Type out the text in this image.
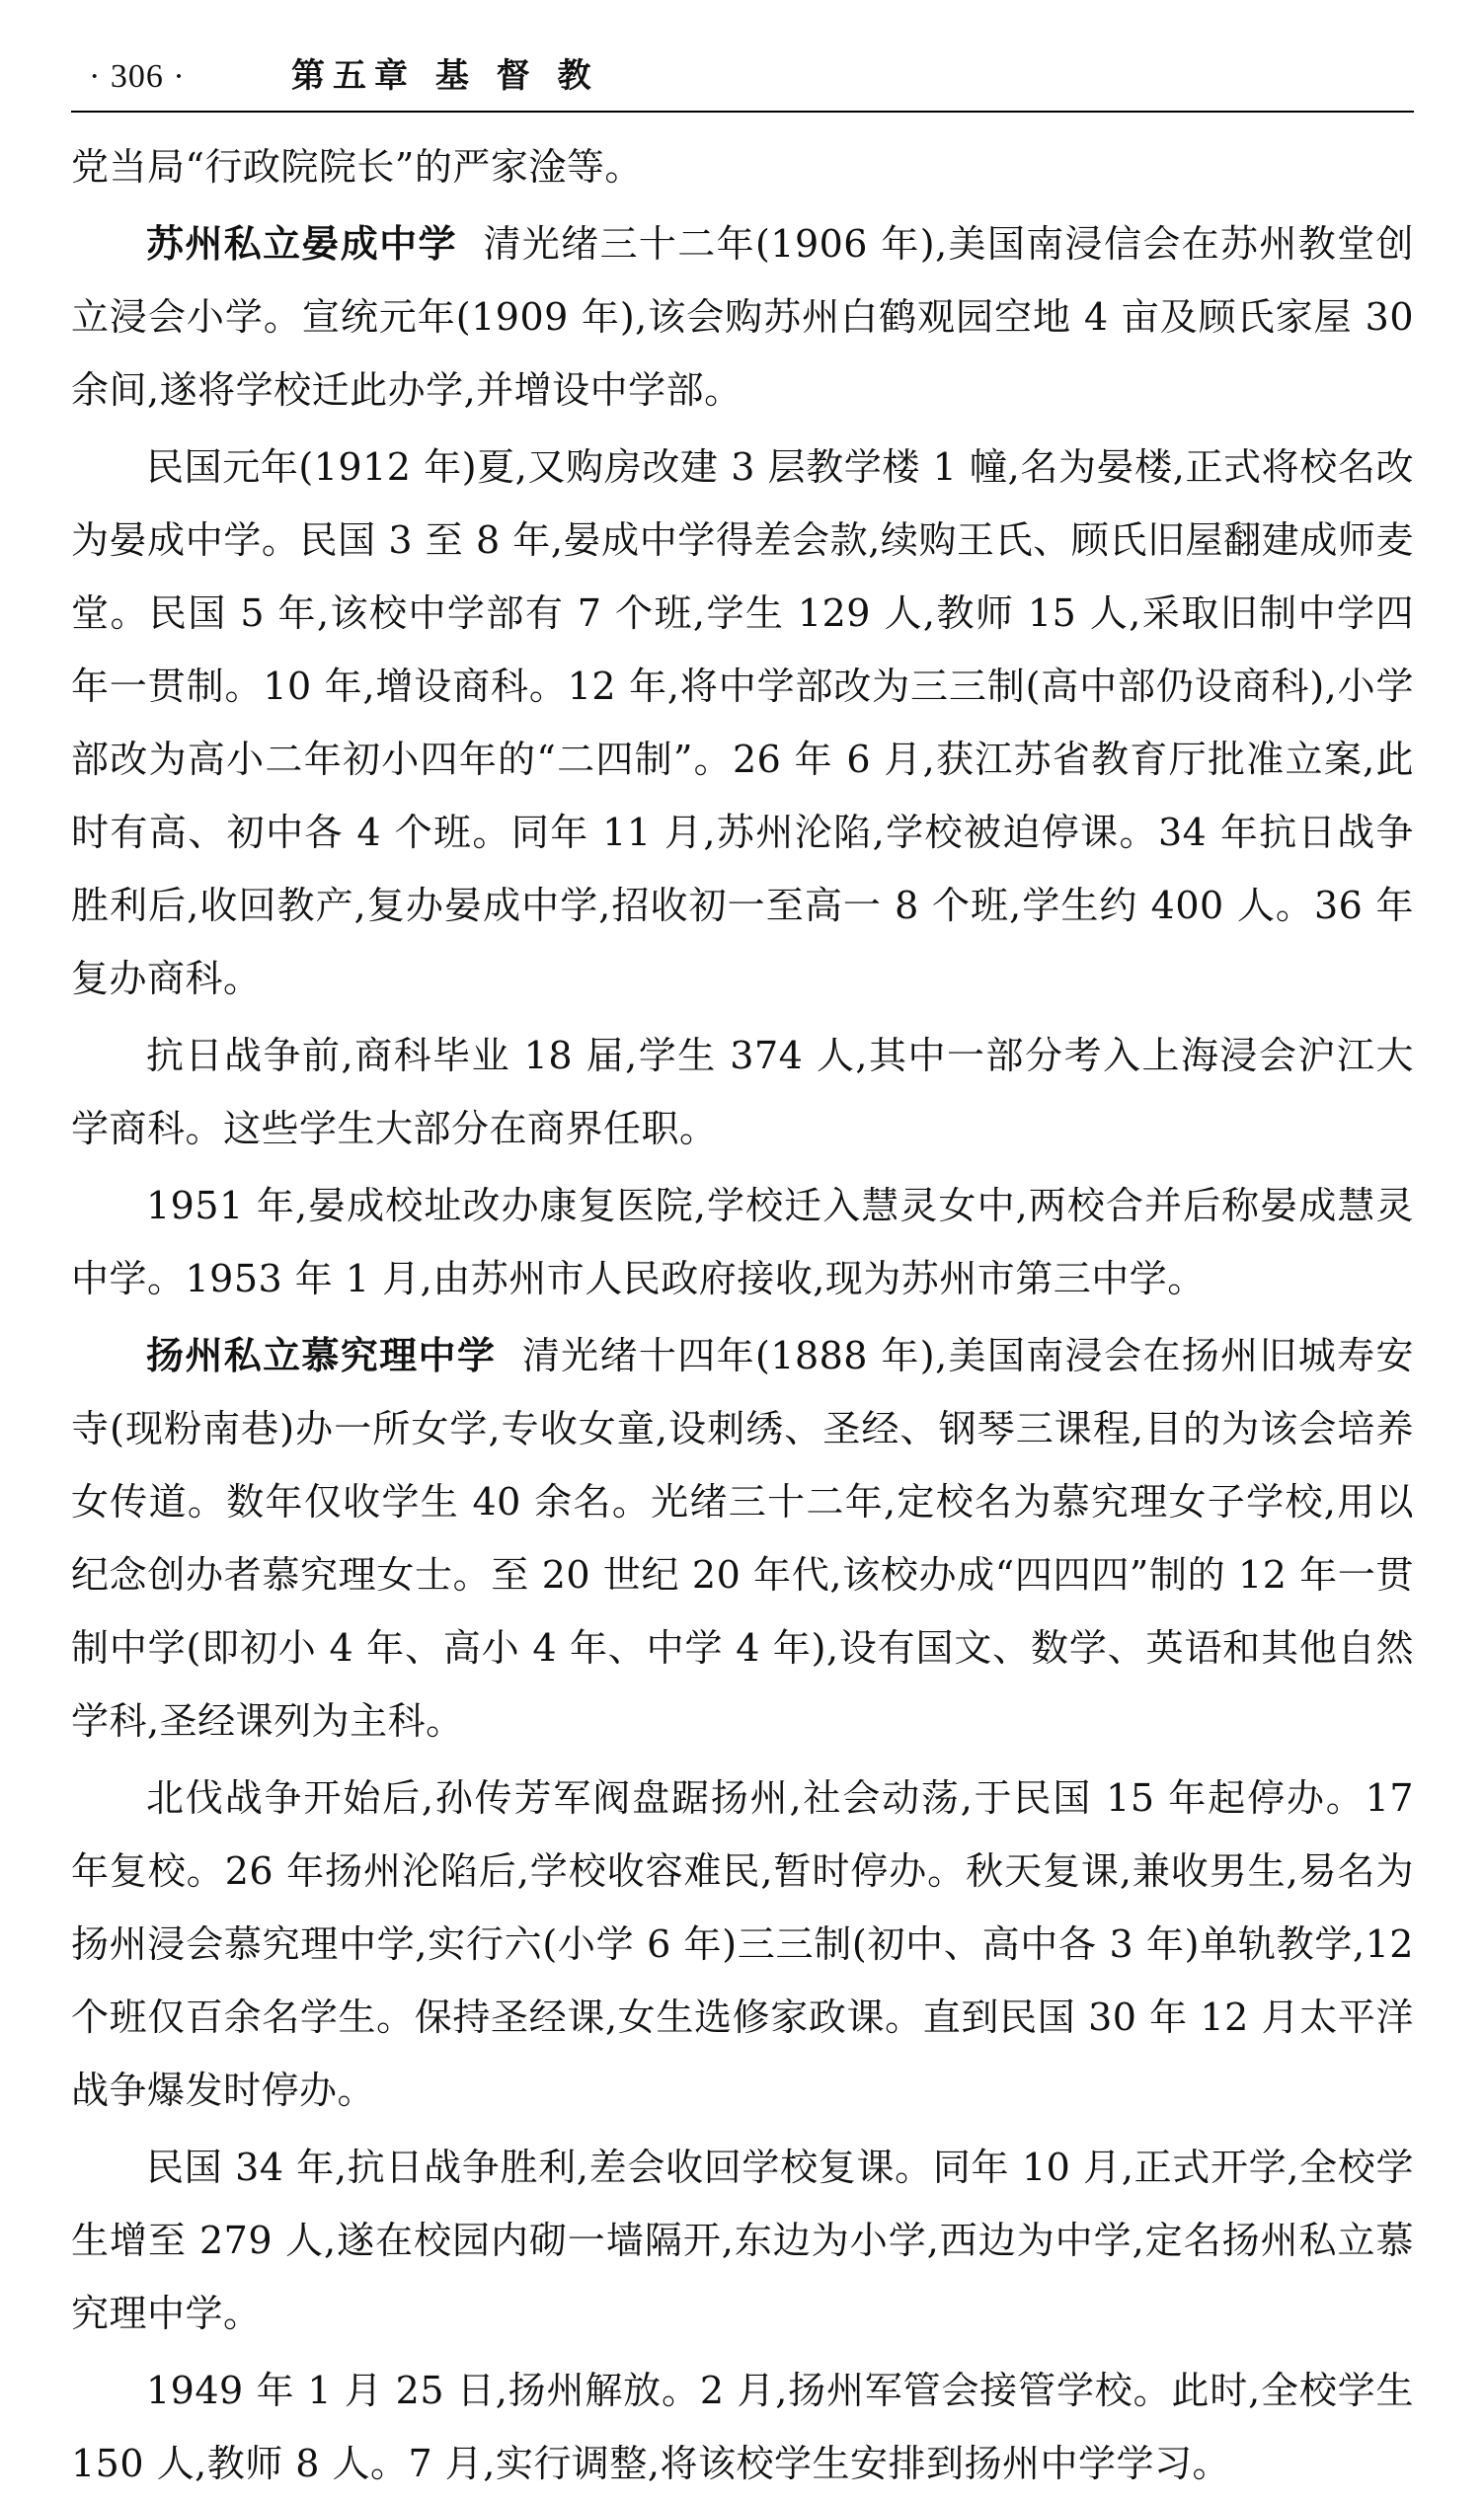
· 306 ·	第五章 基 督 教

党当局“行政院院长”的严家淦等。

苏州私立晏成中学 清光绪三十二年(1906 年),美国南浸信会在苏州教堂创立浸会小学。宣统元年(1909 年),该会购苏州白鹤观园空地 4 亩及顾氏家屋 30 余间,遂将学校迁此办学,并增设中学部。

民国元年(1912 年)夏,又购房改建 3 层教学楼 1 幢,名为晏楼,正式将校名改为晏成中学。民国 3 至 8 年,晏成中学得差会款,续购王氏、顾氏旧屋翻建成师麦堂。民国 5 年,该校中学部有 7 个班,学生 129 人,教师 15 人,采取旧制中学四年一贯制。10 年,增设商科。12 年,将中学部改为三三制(高中部仍设商科),小学部改为高小二年初小四年的“二四制”。26 年 6 月,获江苏省教育厅批准立案,此时有高、初中各 4 个班。同年 11 月,苏州沦陷,学校被迫停课。34 年抗日战争胜利后,收回教产,复办晏成中学,招收初一至高一 8 个班,学生约 400 人。36 年复办商科。

抗日战争前,商科毕业 18 届,学生 374 人,其中一部分考入上海浸会沪江大学商科。这些学生大部分在商界任职。

1951 年,晏成校址改办康复医院,学校迁入慧灵女中,两校合并后称晏成慧灵中学。1953 年 1 月,由苏州市人民政府接收,现为苏州市第三中学。

扬州私立慕究理中学 清光绪十四年(1888 年),美国南浸会在扬州旧城寿安寺(现粉南巷)办一所女学,专收女童,设刺绣、圣经、钢琴三课程,目的为该会培养女传道。数年仅收学生 40 余名。光绪三十二年,定校名为慕究理女子学校,用以纪念创办者慕究理女士。至 20 世纪 20 年代,该校办成“四四四”制的 12 年一贯制中学(即初小 4 年、高小 4 年、中学 4 年),设有国文、数学、英语和其他自然学科,圣经课列为主科。

北伐战争开始后,孙传芳军阀盘踞扬州,社会动荡,于民国 15 年起停办。17 年复校。26 年扬州沦陷后,学校收容难民,暂时停办。秋天复课,兼收男生,易名为扬州浸会慕究理中学,实行六(小学 6 年)三三制(初中、高中各 3 年)单轨教学,12 个班仅百余名学生。保持圣经课,女生选修家政课。直到民国 30 年 12 月太平洋战争爆发时停办。

民国 34 年,抗日战争胜利,差会收回学校复课。同年 10 月,正式开学,全校学生增至 279 人,遂在校园内砌一墙隔开,东边为小学,西边为中学,定名扬州私立慕究理中学。

1949 年 1 月 25 日,扬州解放。2 月,扬州军管会接管学校。此时,全校学生 150 人,教师 8 人。7 月,实行调整,将该校学生安排到扬州中学学习。
